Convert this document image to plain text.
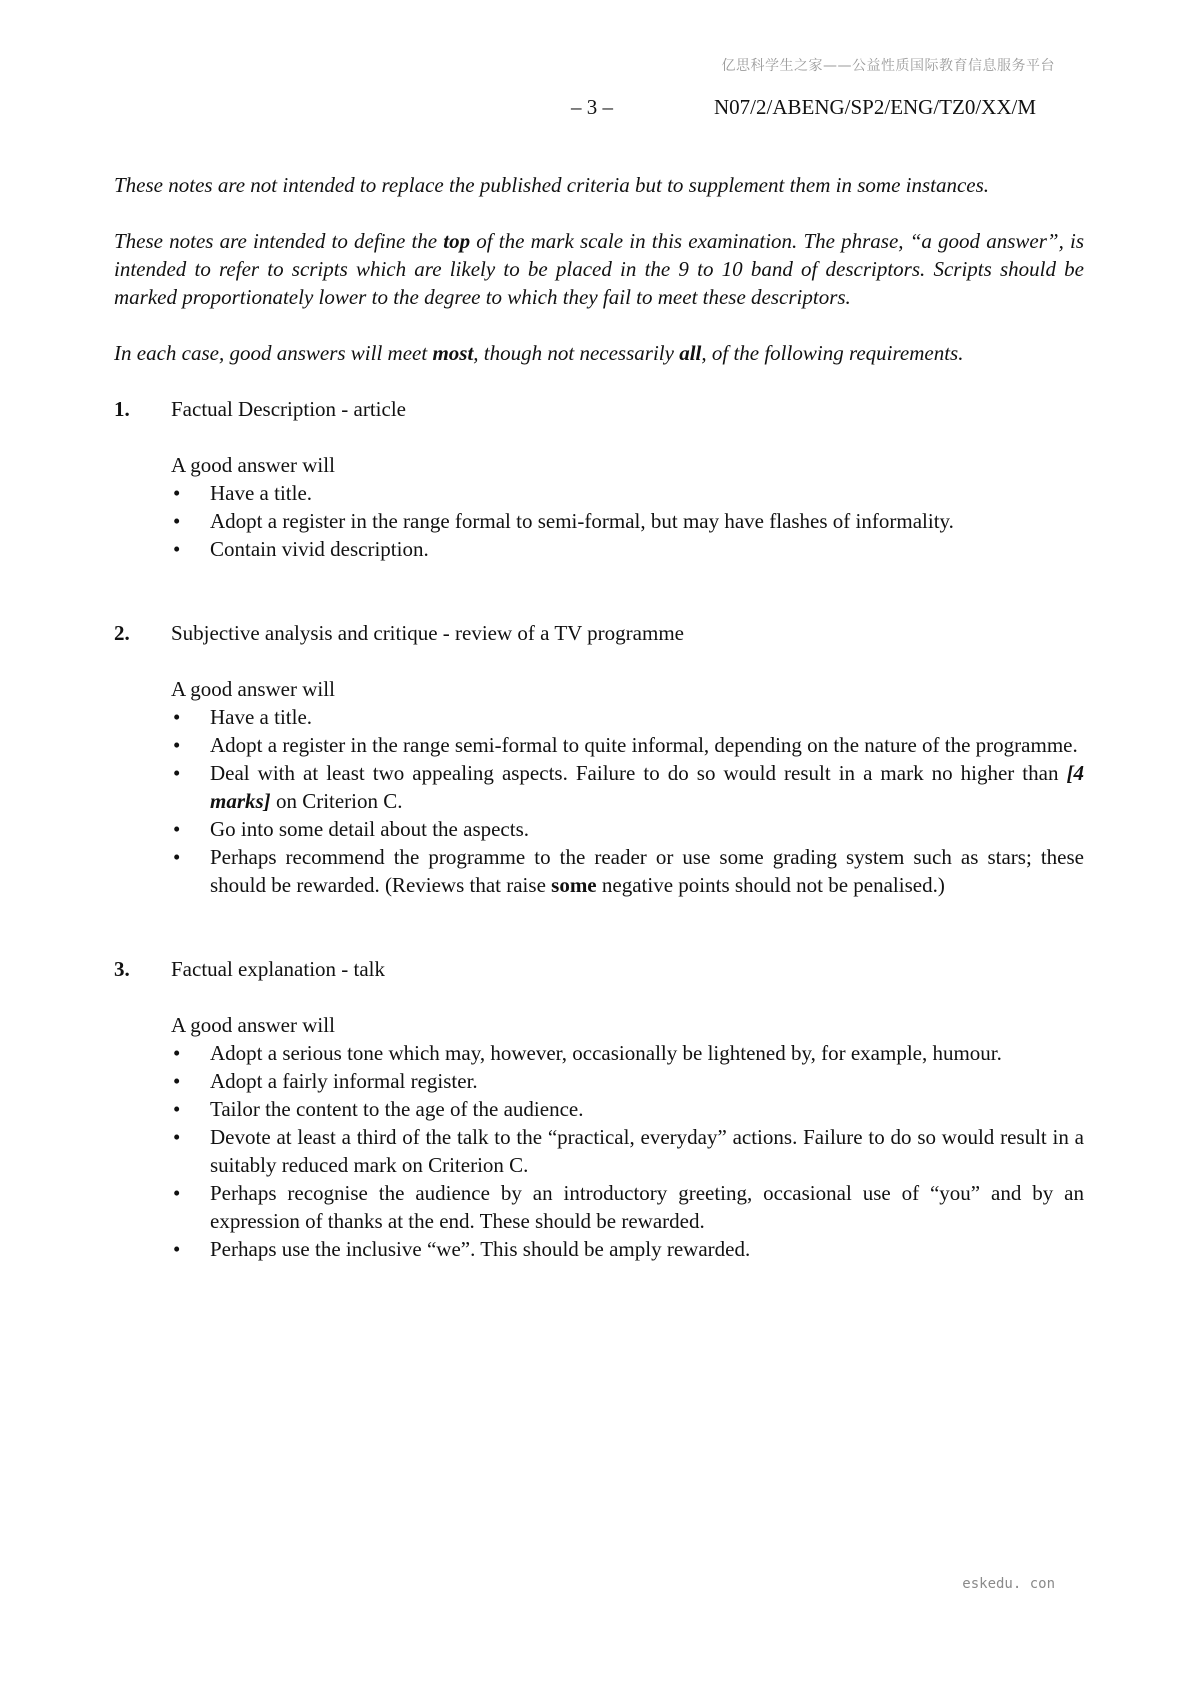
亿思科学生之家——公益性质国际教育信息服务平台
– 3 –	N07/2/ABENG/SP2/ENG/TZ0/XX/M

These notes are not intended to replace the published criteria but to supplement them in some instances.

These notes are intended to define the top of the mark scale in this examination. The phrase, “a good answer”, is intended to refer to scripts which are likely to be placed in the 9 to 10 band of descriptors. Scripts should be marked proportionately lower to the degree to which they fail to meet these descriptors.

In each case, good answers will meet most, though not necessarily all, of the following requirements.

1.	Factual Description - article

A good answer will

• Have a title.
• Adopt a register in the range formal to semi-formal, but may have flashes of informality.
• Contain vivid description.
2.	Subjective analysis and critique - review of a TV programme

A good answer will

• Have a title.
• Adopt a register in the range semi-formal to quite informal, depending on the nature of the programme.
• Deal with at least two appealing aspects. Failure to do so would result in a mark no higher than [4 marks] on Criterion C.
• Go into some detail about the aspects.
• Perhaps recommend the programme to the reader or use some grading system such as stars; these should be rewarded. (Reviews that raise some negative points should not be penalised.)
3.	Factual explanation - talk

A good answer will

• Adopt a serious tone which may, however, occasionally be lightened by, for example, humour.
• Adopt a fairly informal register.
• Tailor the content to the age of the audience.
• Devote at least a third of the talk to the “practical, everyday” actions. Failure to do so would result in a suitably reduced mark on Criterion C.
• Perhaps recognise the audience by an introductory greeting, occasional use of “you” and by an expression of thanks at the end. These should be rewarded.
• Perhaps use the inclusive “we”. This should be amply rewarded.
eskedu. con
